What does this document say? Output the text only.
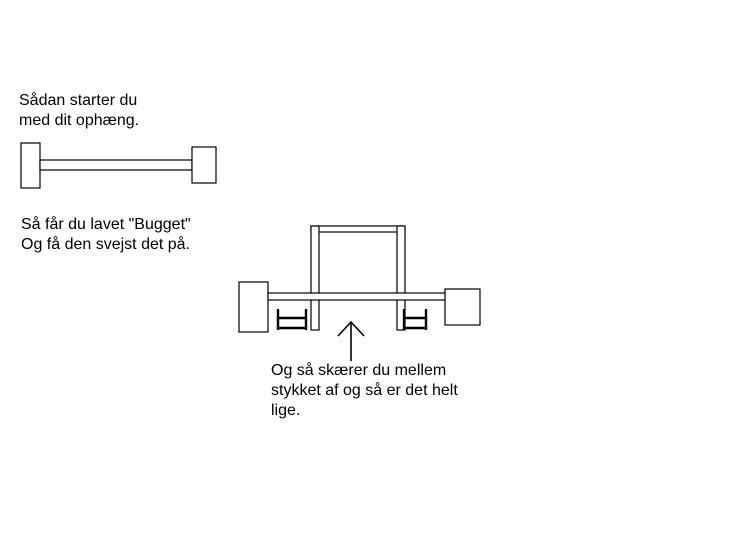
Sådan starter du
med dit ophæng.
Så får du lavet "Bugget"
Og få den svejst det på.
Og så skærer du mellem
stykket af og så er det helt
lige.
